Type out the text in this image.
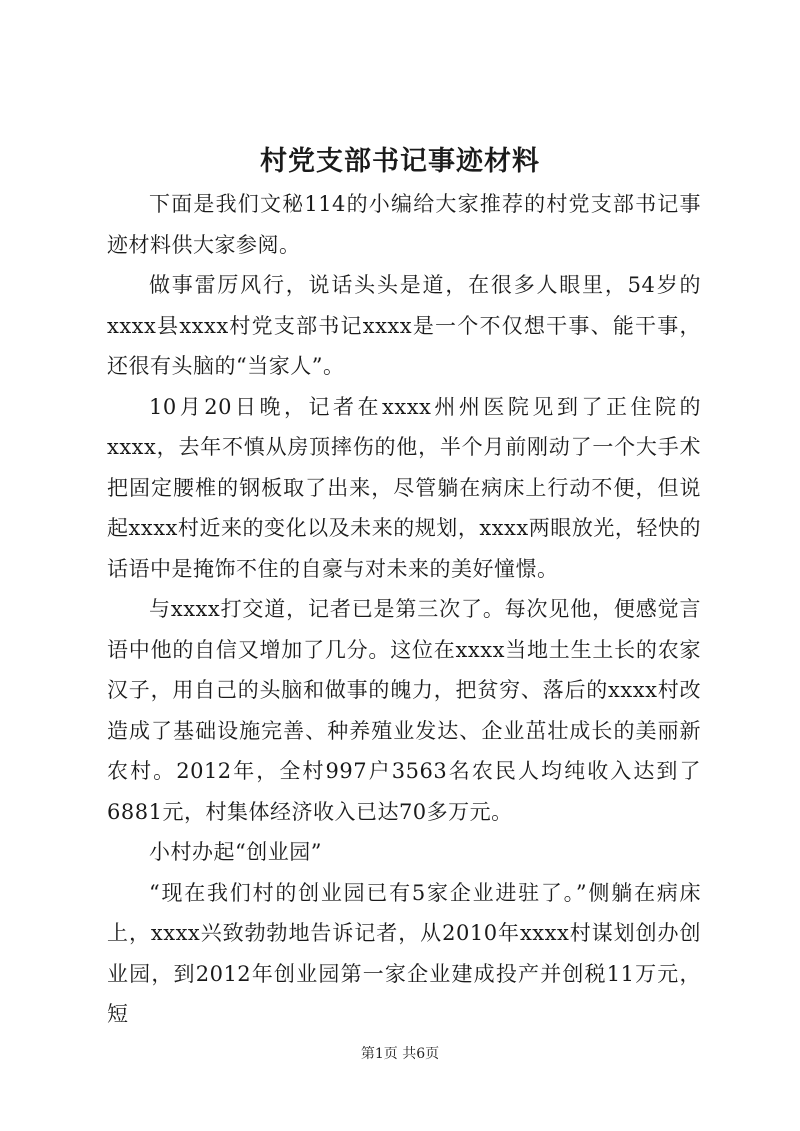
村党支部书记事迹材料

下面是我们文秘114的小编给大家推荐的村党支部书记事迹材料供大家参阅。

做事雷厉风行，说话头头是道，在很多人眼里，54岁的xxxx县xxxx村党支部书记xxxx是一个不仅想干事、能干事，还很有头脑的“当家人”。

10月20日晚，记者在xxxx州州医院见到了正住院的xxxx，去年不慎从房顶摔伤的他，半个月前刚动了一个大手术把固定腰椎的钢板取了出来，尽管躺在病床上行动不便，但说起xxxx村近来的变化以及未来的规划，xxxx两眼放光，轻快的话语中是掩饰不住的自豪与对未来的美好憧憬。

与xxxx打交道，记者已是第三次了。每次见他，便感觉言语中他的自信又增加了几分。这位在xxxx当地土生土长的农家汉子，用自己的头脑和做事的魄力，把贫穷、落后的xxxx村改造成了基础设施完善、种养殖业发达、企业茁壮成长的美丽新农村。2012年，全村997户3563名农民人均纯收入达到了6881元，村集体经济收入已达70多万元。

小村办起“创业园”

“现在我们村的创业园已有5家企业进驻了。”侧躺在病床上，xxxx兴致勃勃地告诉记者，从2010年xxxx村谋划创办创业园，到2012年创业园第一家企业建成投产并创税11万元，短

第1页 共6页
